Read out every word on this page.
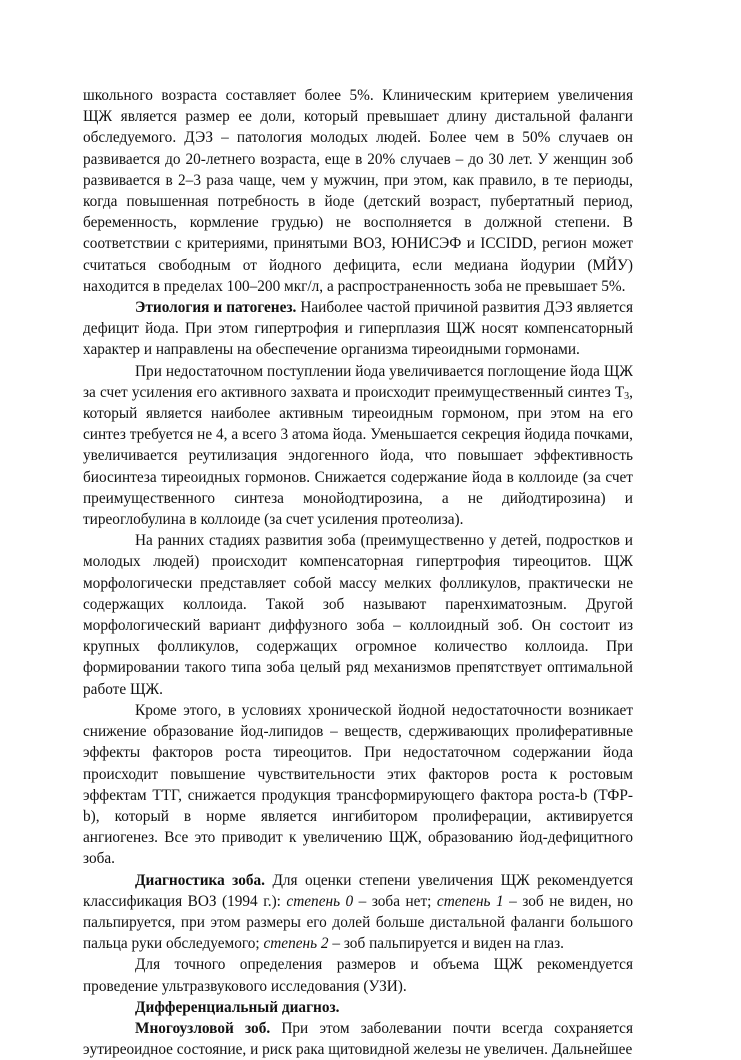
школьного возраста составляет более 5%. Клиническим критерием увеличения ЩЖ является размер ее доли, который превышает длину дистальной фаланги обследуемого. ДЭЗ – патология молодых людей. Более чем в 50% случаев он развивается до 20-летнего возраста, еще в 20% случаев – до 30 лет. У женщин зоб развивается в 2–3 раза чаще, чем у мужчин, при этом, как правило, в те периоды, когда повышенная потребность в йоде (детский возраст, пубертатный период, беременность, кормление грудью) не восполняется в должной степени. В соответствии с критериями, принятыми ВОЗ, ЮНИСЭФ и ICCIDD, регион может считаться свободным от йодного дефицита, если медиана йодурии (МЙУ) находится в пределах 100–200 мкг/л, а распространенность зоба не превышает 5%.

Этиология и патогенез. Наиболее частой причиной развития ДЭЗ является дефицит йода. При этом гипертрофия и гиперплазия ЩЖ носят компенсаторный характер и направлены на обеспечение организма тиреоидными гормонами.

При недостаточном поступлении йода увеличивается поглощение йода ЩЖ за счет усиления его активного захвата и происходит преимущественный синтез $Т_3$, который является наиболее активным тиреоидным гормоном, при этом на его синтез требуется не 4, а всего 3 атома йода. Уменьшается секреция йодида почками, увеличивается реутилизация эндогенного йода, что повышает эффективность биосинтеза тиреоидных гормонов. Снижается содержание йода в коллоиде (за счет преимущественного синтеза монойодтирозина, а не дийодтирозина) и тиреоглобулина в коллоиде (за счет усиления протеолиза).

На ранних стадиях развития зоба (преимущественно у детей, подростков и молодых людей) происходит компенсаторная гипертрофия тиреоцитов. ЩЖ морфологически представляет собой массу мелких фолликулов, практически не содержащих коллоида. Такой зоб называют паренхиматозным. Другой морфологический вариант диффузного зоба – коллоидный зоб. Он состоит из крупных фолликулов, содержащих огромное количество коллоида. При формировании такого типа зоба целый ряд механизмов препятствует оптимальной работе ЩЖ.

Кроме этого, в условиях хронической йодной недостаточности возникает снижение образование йод-липидов – веществ, сдерживающих пролиферативные эффекты факторов роста тиреоцитов. При недостаточном содержании йода происходит повышение чувствительности этих факторов роста к ростовым эффектам ТТГ, снижается продукция трансформирующего фактора роста-b (ТФР-b), который в норме является ингибитором пролиферации, активируется ангиогенез. Все это приводит к увеличению ЩЖ, образованию йод-дефицитного зоба.

Диагностика зоба. Для оценки степени увеличения ЩЖ рекомендуется классификация ВОЗ (1994 г.): степень 0 – зоба нет; степень 1 – зоб не виден, но пальпируется, при этом размеры его долей больше дистальной фаланги большого пальца руки обследуемого; степень 2 – зоб пальпируется и виден на глаз.

Для точного определения размеров и объема ЩЖ рекомендуется проведение ультразвукового исследования (УЗИ).

Дифференциальный диагноз.

Многоузловой зоб. При этом заболевании почти всегда сохраняется эутиреоидное состояние, и риск рака щитовидной железы не увеличен. Дальнейшее
